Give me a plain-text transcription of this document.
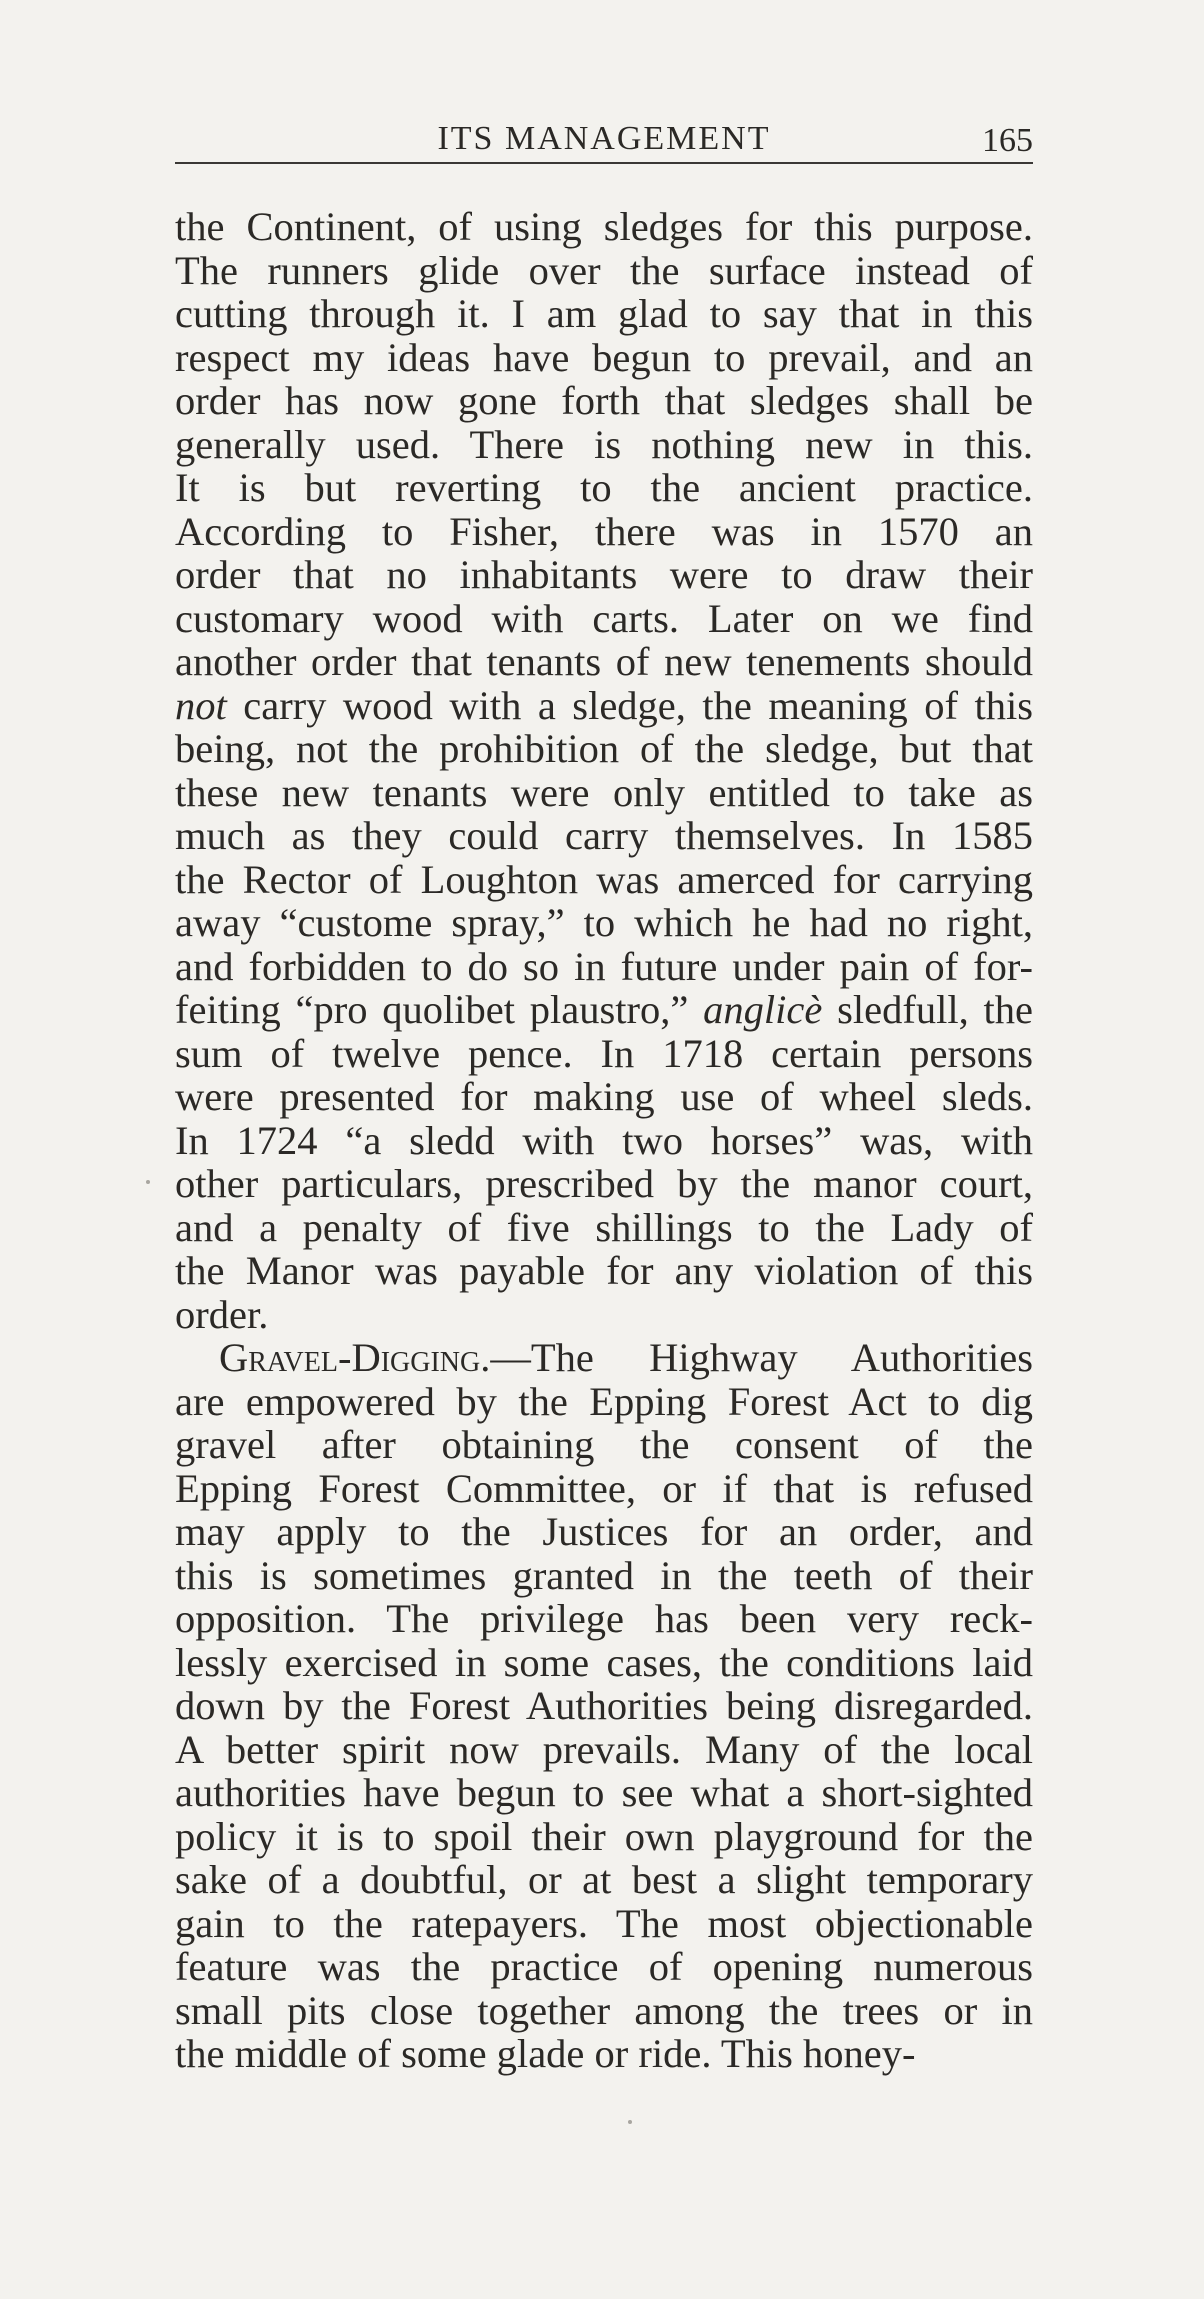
ITS MANAGEMENT	165
the Continent, of using sledges for this purpose.
The runners glide over the surface instead of
cutting through it. I am glad to say that in this
respect my ideas have begun to prevail, and an
order has now gone forth that sledges shall be
generally used. There is nothing new in this.
It is but reverting to the ancient practice.
According to Fisher, there was in 1570 an
order that no inhabitants were to draw their
customary wood with carts. Later on we find
another order that tenants of new tenements should
not carry wood with a sledge, the meaning of this
being, not the prohibition of the sledge, but that
these new tenants were only entitled to take as
much as they could carry themselves. In 1585
the Rector of Loughton was amerced for carrying
away “custome spray,” to which he had no right,
and forbidden to do so in future under pain of for-
feiting “pro quolibet plaustro,” anglicè sledfull, the
sum of twelve pence. In 1718 certain persons
were presented for making use of wheel sleds.
In 1724 “a sledd with two horses” was, with
other particulars, prescribed by the manor court,
and a penalty of five shillings to the Lady of
the Manor was payable for any violation of this
order.
Gravel-Digging.—The Highway Authorities
are empowered by the Epping Forest Act to dig
gravel after obtaining the consent of the
Epping Forest Committee, or if that is refused
may apply to the Justices for an order, and
this is sometimes granted in the teeth of their
opposition. The privilege has been very reck-
lessly exercised in some cases, the conditions laid
down by the Forest Authorities being disregarded.
A better spirit now prevails. Many of the local
authorities have begun to see what a short-sighted
policy it is to spoil their own playground for the
sake of a doubtful, or at best a slight temporary
gain to the ratepayers. The most objectionable
feature was the practice of opening numerous
small pits close together among the trees or in
the middle of some glade or ride. This honey-
